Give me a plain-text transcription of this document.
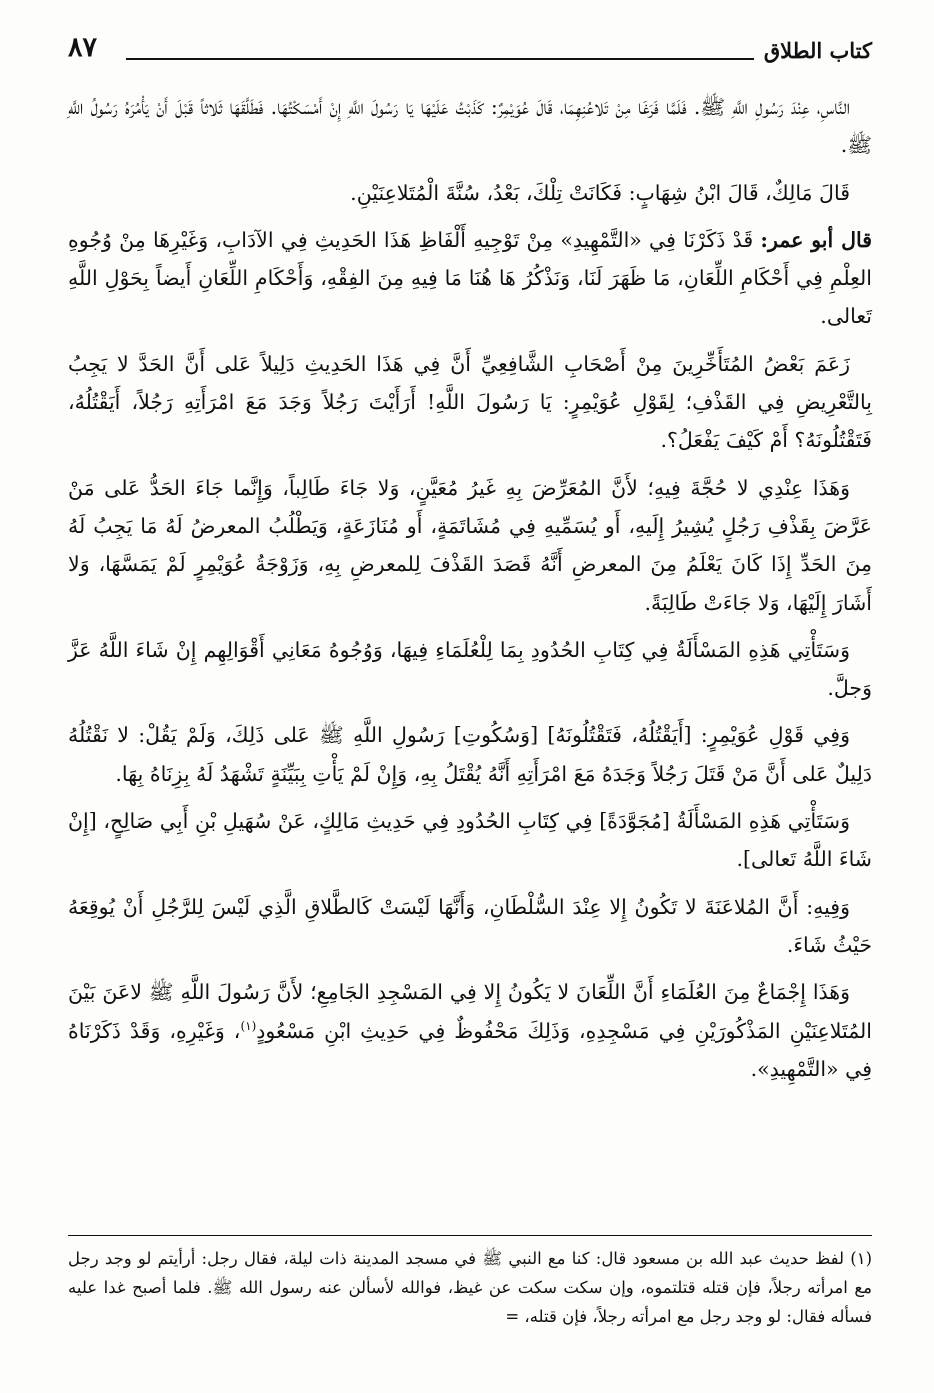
كتاب الطلاق
٨٧

النَّاسِ، عِنْدَ رَسُولِ اللَّهِ ﷺ. فَلَمَّا فَرَغَا مِنْ تَلاعُنِهِمَا، قَالَ عُوَيْمِرٌ: كَذَبْتُ عَلَيْهَا يَا رَسُولَ اللَّهِ إِنْ أَمْسَكْتُهَا. فَطَلَّقَهَا ثَلاثاً قَبْلَ أَنْ يَأْمُرَهُ رَسُولُ اللَّهِ ﷺ.

قَالَ مَالِكٌ، قَالَ ابْنُ شِهَابٍ: فَكَانَتْ تِلْكَ، بَعْدُ، سُنَّةَ الْمُتَلاعِنَيْنِ.

قال أبو عمر: قَدْ ذَكَرْنَا فِي «التَّمْهِيدِ» مِنْ تَوْجِيهِ أَلْفَاظِ هَذَا الحَدِيثِ فِي الآدَابِ، وَغَيْرِهَا مِنْ وُجُوهِ العِلْمِ فِي أَحْكَامِ اللِّعَانِ، مَا ظَهَرَ لَنَا، وَنَذْكُرُ هَا هُنَا مَا فِيهِ مِنَ الفِقْهِ، وَأَحْكَامِ اللِّعَانِ أَيضاً بِحَوْلِ اللَّهِ تَعالى.

زَعَمَ بَعْضُ المُتَأَخِّرِينَ مِنْ أَصْحَابِ الشَّافِعِيِّ أَنَّ فِي هَذَا الحَدِيثِ دَلِيلاً عَلى أَنَّ الحَدَّ لا يَجِبُ بِالتَّعْرِيضِ فِي القَذْفِ؛ لِقَوْلِ عُوَيْمِرٍ: يَا رَسُولَ اللَّهِ! أَرَأَيْتَ رَجُلاً وَجَدَ مَعَ امْرَأَتِهِ رَجُلاً، أَيَقْتُلُهُ، فَتَقْتُلُونَهُ؟ أَمْ كَيْفَ يَفْعَلُ؟.

وَهَذَا عِنْدِي لا حُجَّةَ فِيهِ؛ لأَنَّ المُعَرِّضَ بِهِ غَيرُ مُعَيَّنٍ، وَلا جَاءَ طَالِباً، وَإِنَّما جَاءَ الحَدُّ عَلى مَنْ عَرَّضَ بِقَذْفِ رَجُلٍ يُشِيرُ إِلَيهِ، أَو يُسَمِّيهِ فِي مُشَاتَمَةٍ، أَو مُنَازَعَةٍ، وَيَطْلُبُ المعرضُ لَهُ مَا يَجِبُ لَهُ مِنَ الحَدِّ إِذَا كَانَ يَعْلَمُ مِنَ المعرضِ أَنَّهُ قَصَدَ القَذْفَ لِلمعرضِ بِهِ، وَزَوْجَةُ عُوَيْمِرٍ لَمْ يَمَسَّهَا، وَلا أَشَارَ إِلَيْهَا، وَلا جَاءَتْ طَالِبَةً.

وَسَتَأْتِي هَذِهِ المَسْأَلَةُ فِي كِتَابِ الحُدُودِ بِمَا لِلْعُلَمَاءِ فِيهَا، وَوُجُوهُ مَعَانِي أَقْوَالِهِم إِنْ شَاءَ اللَّهُ عَزَّ وَجلَّ.

وَفِي قَوْلِ عُوَيْمِرٍ: [أَيَقْتُلُهُ، فَتَقْتُلُونَهُ] [وَسُكُوتِ] رَسُولِ اللَّهِ ﷺ عَلى ذَلِكَ، وَلَمْ يَقُلْ: لا نَقْتُلُهُ دَلِيلٌ عَلى أَنَّ مَنْ قَتَلَ رَجُلاً وَجَدَهُ مَعَ امْرَأَتِهِ أَنَّهُ يُقْتَلُ بِهِ، وَإِنْ لَمْ يَأْتِ بِبَيِّنَةٍ تَشْهَدُ لَهُ بِزِنَاهُ بِهَا.

وَسَتَأْتِي هَذِهِ المَسْأَلَةُ [مُجَوَّدَةً] فِي كِتَابِ الحُدُودِ فِي حَدِيثِ مَالِكٍ، عَنْ سُهَيلِ بْنِ أَبِي صَالِحٍ، [إِنْ شَاءَ اللَّهُ تَعالى].

وَفِيهِ: أَنَّ المُلاعَنَةَ لا تَكُونُ إِلا عِنْدَ السُّلْطَانِ، وَأَنَّهَا لَيْسَتْ كَالطَّلاقِ الَّذِي لَيْسَ لِلرَّجُلِ أَنْ يُوقِعَهُ حَيْثُ شَاءَ.

وَهَذَا إِجْمَاعٌ مِنَ العُلَمَاءِ أَنَّ اللِّعَانَ لا يَكُونُ إِلا فِي المَسْجِدِ الجَامِعِ؛ لأَنَّ رَسُولَ اللَّهِ ﷺ لاعَنَ بَيْنَ المُتَلاعِنَيْنِ المَذْكُورَيْنِ فِي مَسْجِدِهِ، وَذَلِكَ مَحْفُوظٌ فِي حَدِيثِ ابْنِ مَسْعُودٍ$^{(١)}$، وَغَيْرِهِ، وَقَدْ ذَكَرْنَاهُ فِي «التَّمْهِيدِ».

(١) لفظ حديث عبد الله بن مسعود قال: كنا مع النبي ﷺ في مسجد المدينة ذات ليلة، فقال رجل: أرأيتم لو وجد رجل مع امرأته رجلاً، فإن قتله قتلتموه، وإن سكت سكت عن غيظ، فوالله لأسألن عنه رسول الله ﷺ. فلما أصبح غدا عليه فسأله فقال: لو وجد رجل مع امرأته رجلاً، فإن قتله، =
